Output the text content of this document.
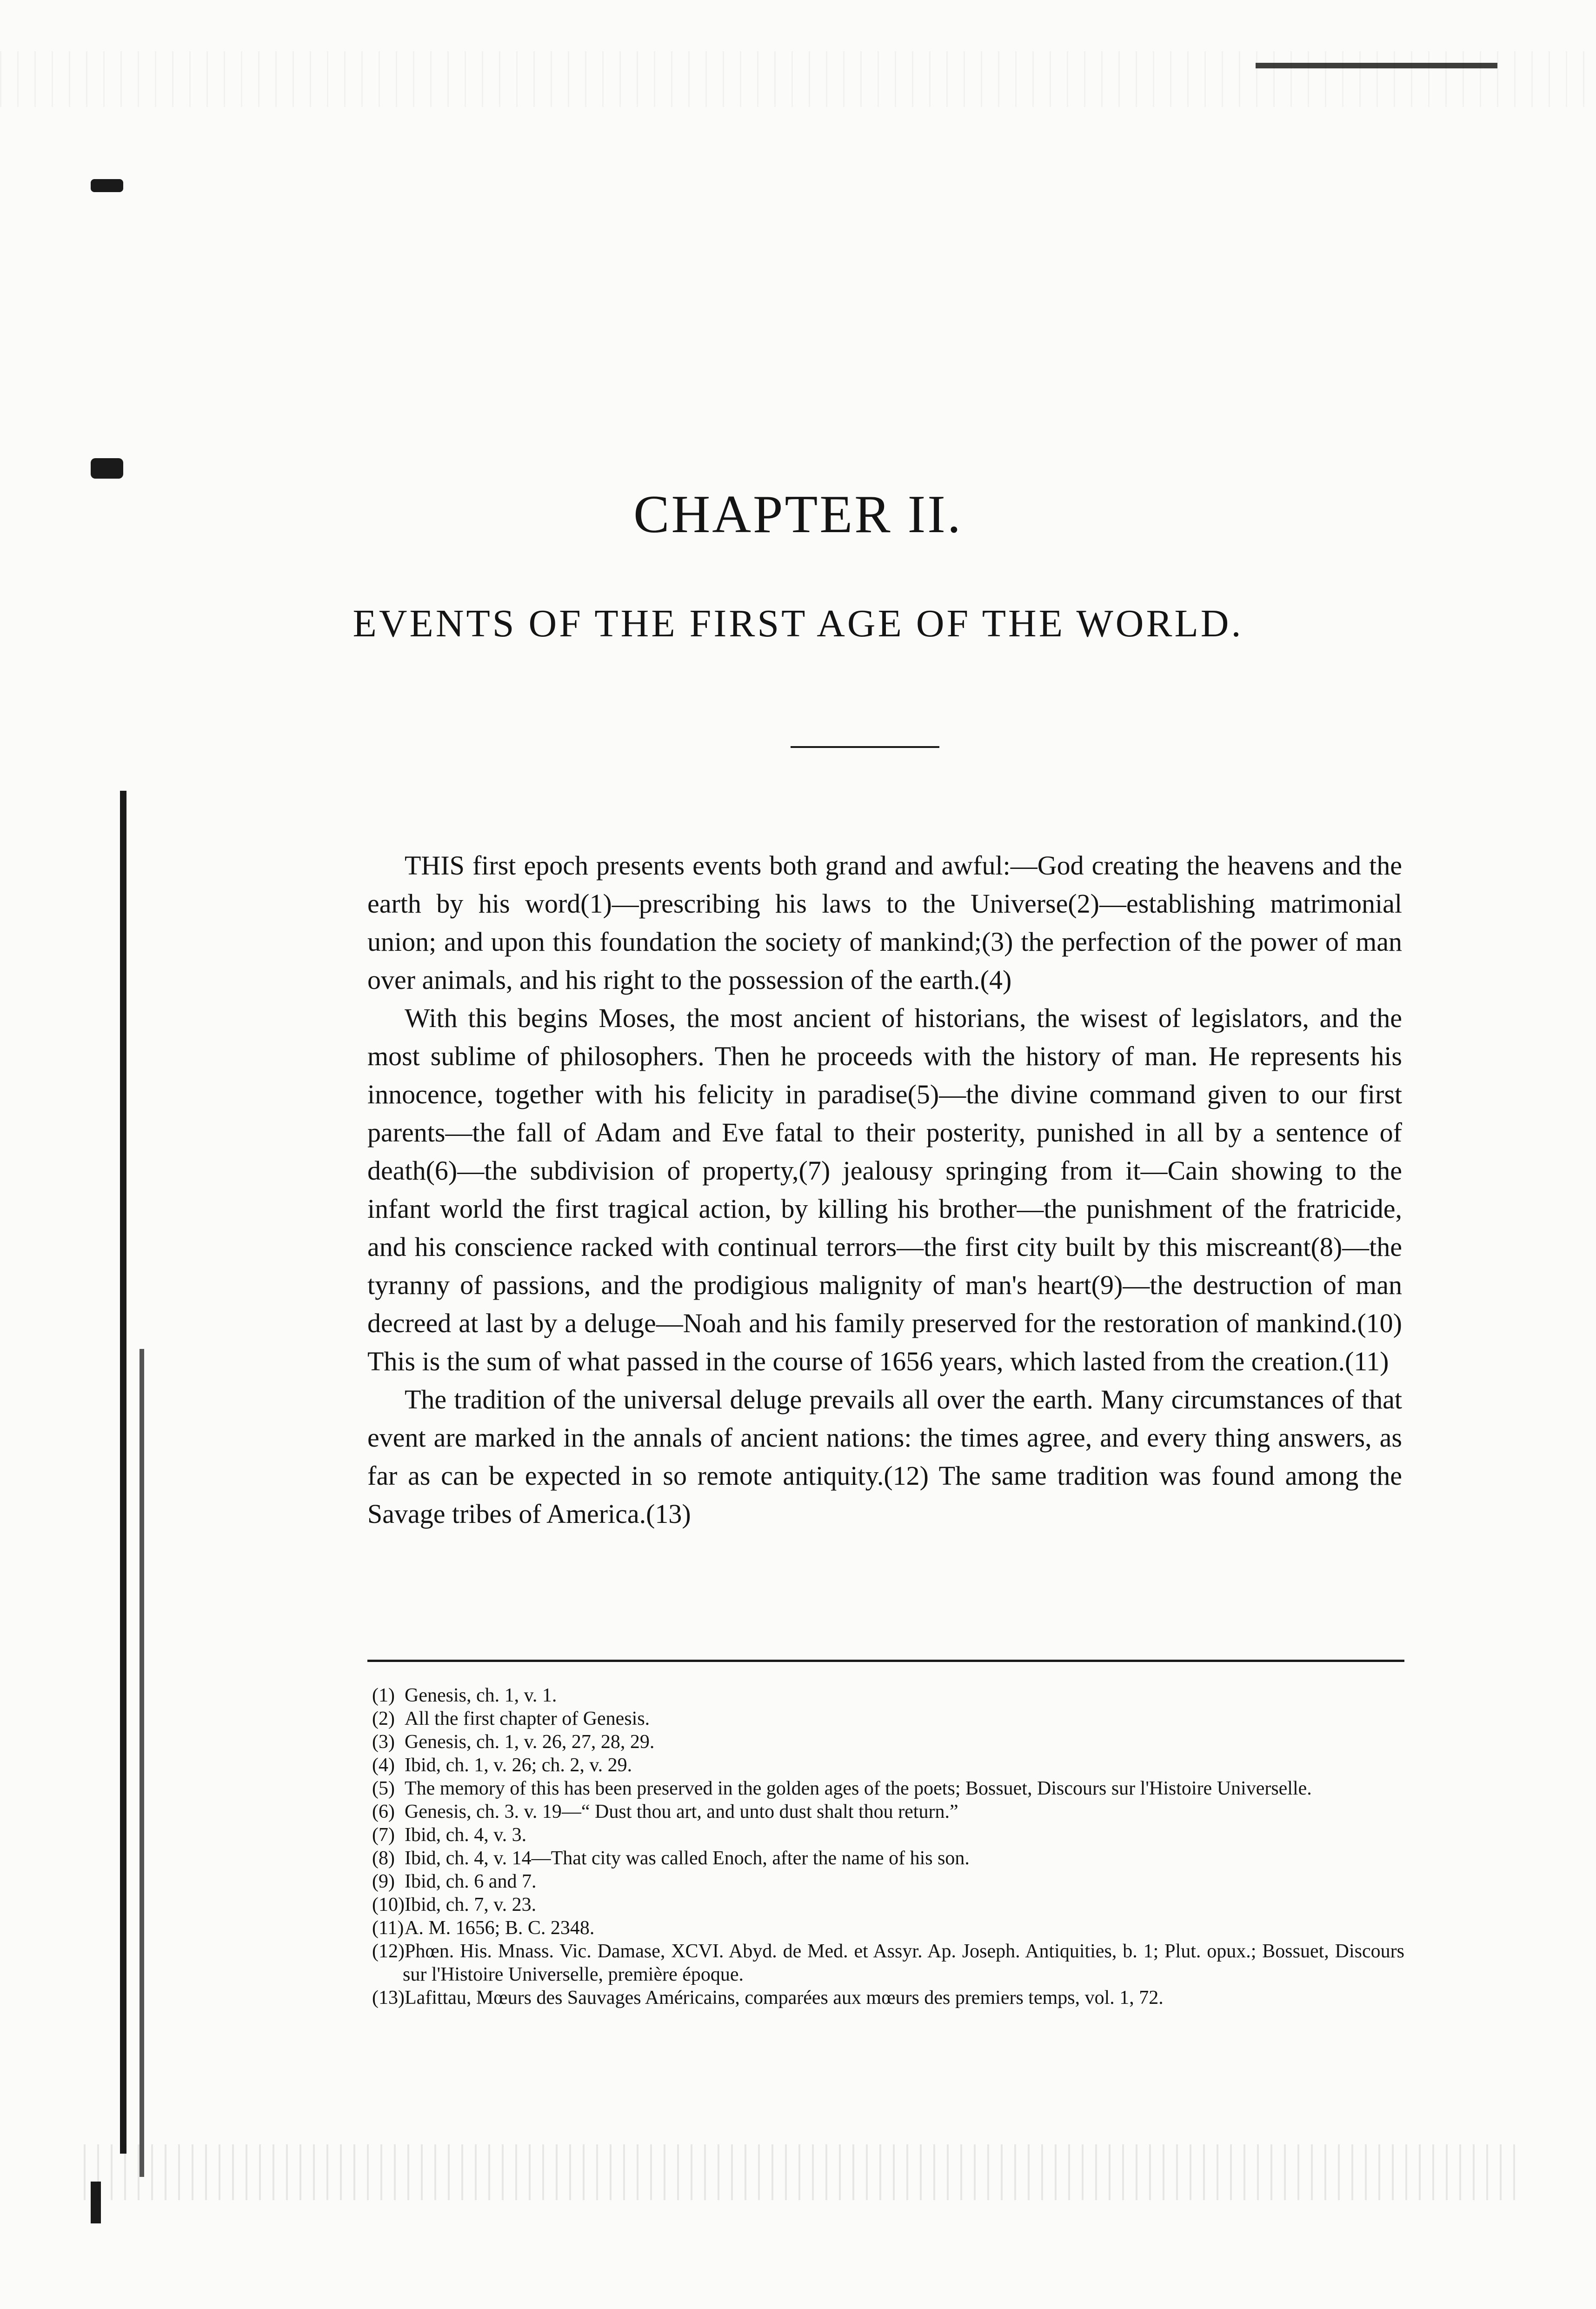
CHAPTER II.
EVENTS OF THE FIRST AGE OF THE WORLD.

THIS first epoch presents events both grand and awful:—God creating the heavens and the earth by his word(1)—prescribing his laws to the Universe(2)—establishing matrimonial union; and upon this foundation the society of mankind;(3) the perfection of the power of man over animals, and his right to the possession of the earth.(4)

With this begins Moses, the most ancient of historians, the wisest of legislators, and the most sublime of philosophers. Then he proceeds with the history of man. He represents his innocence, together with his felicity in paradise(5)—the divine command given to our first parents—the fall of Adam and Eve fatal to their posterity, punished in all by a sentence of death(6)—the subdivision of property,(7) jealousy springing from it—Cain showing to the infant world the first tragical action, by killing his brother—the punishment of the fratricide, and his conscience racked with continual terrors—the first city built by this miscreant(8)—the tyranny of passions, and the prodigious malignity of man's heart(9)—the destruction of man decreed at last by a deluge—Noah and his family preserved for the restoration of mankind.(10) This is the sum of what passed in the course of 1656 years, which lasted from the creation.(11)

The tradition of the universal deluge prevails all over the earth. Many circumstances of that event are marked in the annals of ancient nations: the times agree, and every thing answers, as far as can be expected in so remote antiquity.(12) The same tradition was found among the Savage tribes of America.(13)

(1) Genesis, ch. 1, v. 1.

(2) All the first chapter of Genesis.

(3) Genesis, ch. 1, v. 26, 27, 28, 29.

(4) Ibid, ch. 1, v. 26; ch. 2, v. 29.

(5) The memory of this has been preserved in the golden ages of the poets; Bossuet, Discours sur l'Histoire Universelle.

(6) Genesis, ch. 3. v. 19—“ Dust thou art, and unto dust shalt thou return.”

(7) Ibid, ch. 4, v. 3.

(8) Ibid, ch. 4, v. 14—That city was called Enoch, after the name of his son.

(9) Ibid, ch. 6 and 7.

(10)Ibid, ch. 7, v. 23.

(11)A. M. 1656; B. C. 2348.

(12)Phœn. His. Mnass. Vic. Damase, XCVI. Abyd. de Med. et Assyr. Ap. Joseph. Antiquities, b. 1; Plut. opux.; Bossuet, Discours sur l'Histoire Universelle, première époque.

(13)Lafittau, Mœurs des Sauvages Américains, comparées aux mœurs des premiers temps, vol. 1, 72.
